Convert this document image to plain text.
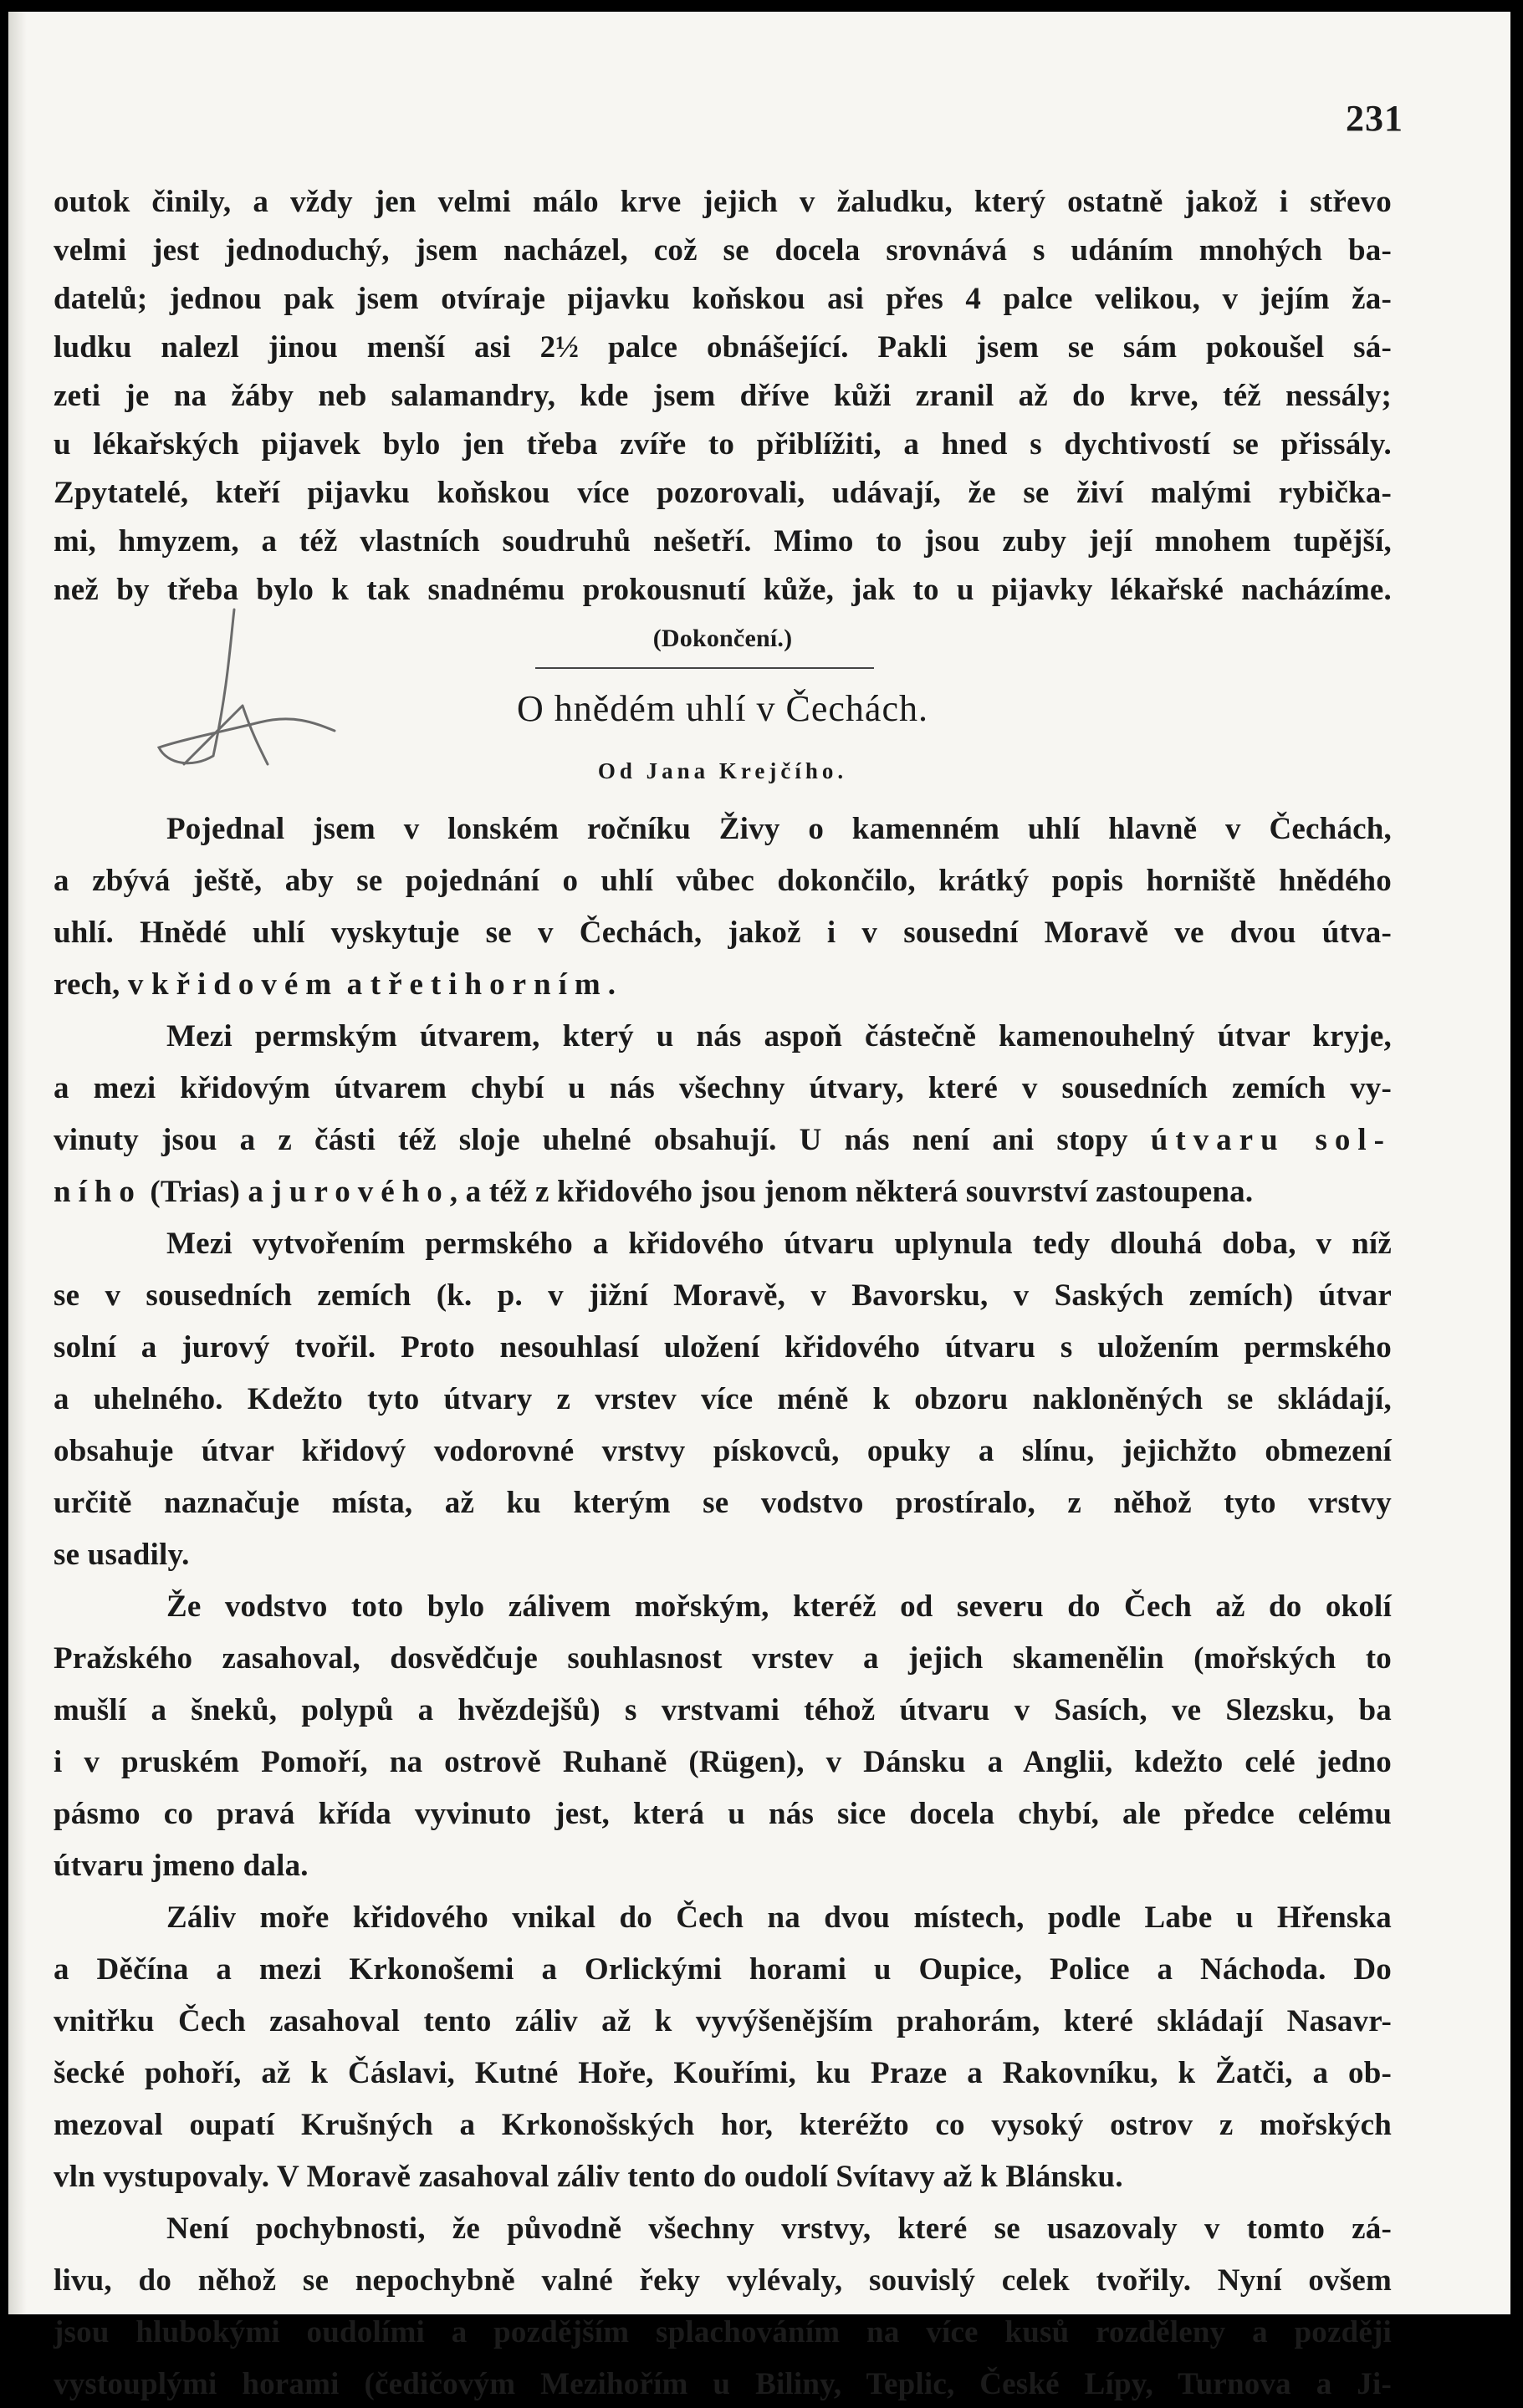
231
outok činily, a vždy jen velmi málo krve jejich v žaludku, který ostatně jakož i střevo
velmi jest jednoduchý, jsem nacházel, což se docela srovnává s udáním mnohých ba-
datelů; jednou pak jsem otvíraje pijavku koňskou asi přes 4 palce velikou, v jejím ža-
ludku nalezl jinou menší asi 2½ palce obnášející. Pakli jsem se sám pokoušel sá-
zeti je na žáby neb salamandry, kde jsem dříve kůži zranil až do krve, též nessály;
u lékařských pijavek bylo jen třeba zvíře to přiblížiti, a hned s dychtivostí se přissály.
Zpytatelé, kteří pijavku koňskou více pozorovali, udávají, že se živí malými rybička-
mi, hmyzem, a též vlastních soudruhů nešetří. Mimo to jsou zuby její mnohem tupější,
než by třeba bylo k tak snadnému prokousnutí kůže, jak to u pijavky lékařské nacházíme.
(Dokončení.)
O hnědém uhlí v Čechách.
Od Jana Krejčího.
Pojednal jsem v lonském ročníku Živy o kamenném uhlí hlavně v Čechách,
a zbývá ještě, aby se pojednání o uhlí vůbec dokončilo, krátký popis horniště hnědého
uhlí. Hnědé uhlí vyskytuje se v Čechách, jakož i v sousední Moravě ve dvou útva-
rech, v křidovém a třetihorním.
Mezi permským útvarem, který u nás aspoň částečně kamenouhelný útvar kryje,
a mezi křidovým útvarem chybí u nás všechny útvary, které v sousedních zemích vy-
vinuty jsou a z části též sloje uhelné obsahují. U nás není ani stopy útvaru sol-
ního (Trias) a jurového, a též z křidového jsou jenom některá souvrství zastoupena.
Mezi vytvořením permského a křidového útvaru uplynula tedy dlouhá doba, v níž
se v sousedních zemích (k. p. v jižní Moravě, v Bavorsku, v Saských zemích) útvar
solní a jurový tvořil. Proto nesouhlasí uložení křidového útvaru s uložením permského
a uhelného. Kdežto tyto útvary z vrstev více méně k obzoru nakloněných se skládají,
obsahuje útvar křidový vodorovné vrstvy pískovců, opuky a slínu, jejichžto obmezení
určitě naznačuje místa, až ku kterým se vodstvo prostíralo, z něhož tyto vrstvy
se usadily.
Že vodstvo toto bylo zálivem mořským, kteréž od severu do Čech až do okolí
Pražského zasahoval, dosvědčuje souhlasnost vrstev a jejich skamenělin (mořských to
mušlí a šneků, polypů a hvězdejšů) s vrstvami téhož útvaru v Sasích, ve Slezsku, ba
i v pruském Pomoří, na ostrově Ruhaně (Rügen), v Dánsku a Anglii, kdežto celé jedno
pásmo co pravá křída vyvinuto jest, která u nás sice docela chybí, ale předce celému
útvaru jmeno dala.
Záliv moře křidového vnikal do Čech na dvou místech, podle Labe u Hřenska
a Děčína a mezi Krkonošemi a Orlickými horami u Oupice, Police a Náchoda. Do
vnitřku Čech zasahoval tento záliv až k vyvýšenějším prahorám, které skládají Nasavr-
šecké pohoří, až k Čáslavi, Kutné Hoře, Kouřími, ku Praze a Rakovníku, k Žatči, a ob-
mezoval oupatí Krušných a Krkonošských hor, kteréžto co vysoký ostrov z mořských
vln vystupovaly. V Moravě zasahoval záliv tento do oudolí Svítavy až k Blánsku.
Není pochybnosti, že původně všechny vrstvy, které se usazovaly v tomto zá-
livu, do něhož se nepochybně valné řeky vylévaly, souvislý celek tvořily. Nyní ovšem
jsou hlubokými oudolími a pozdějším splachováním na více kusů rozděleny a později
vystouplými horami (čedičovým Mezihořím u Biliny, Teplic, České Lípy, Turnova a Ji-
